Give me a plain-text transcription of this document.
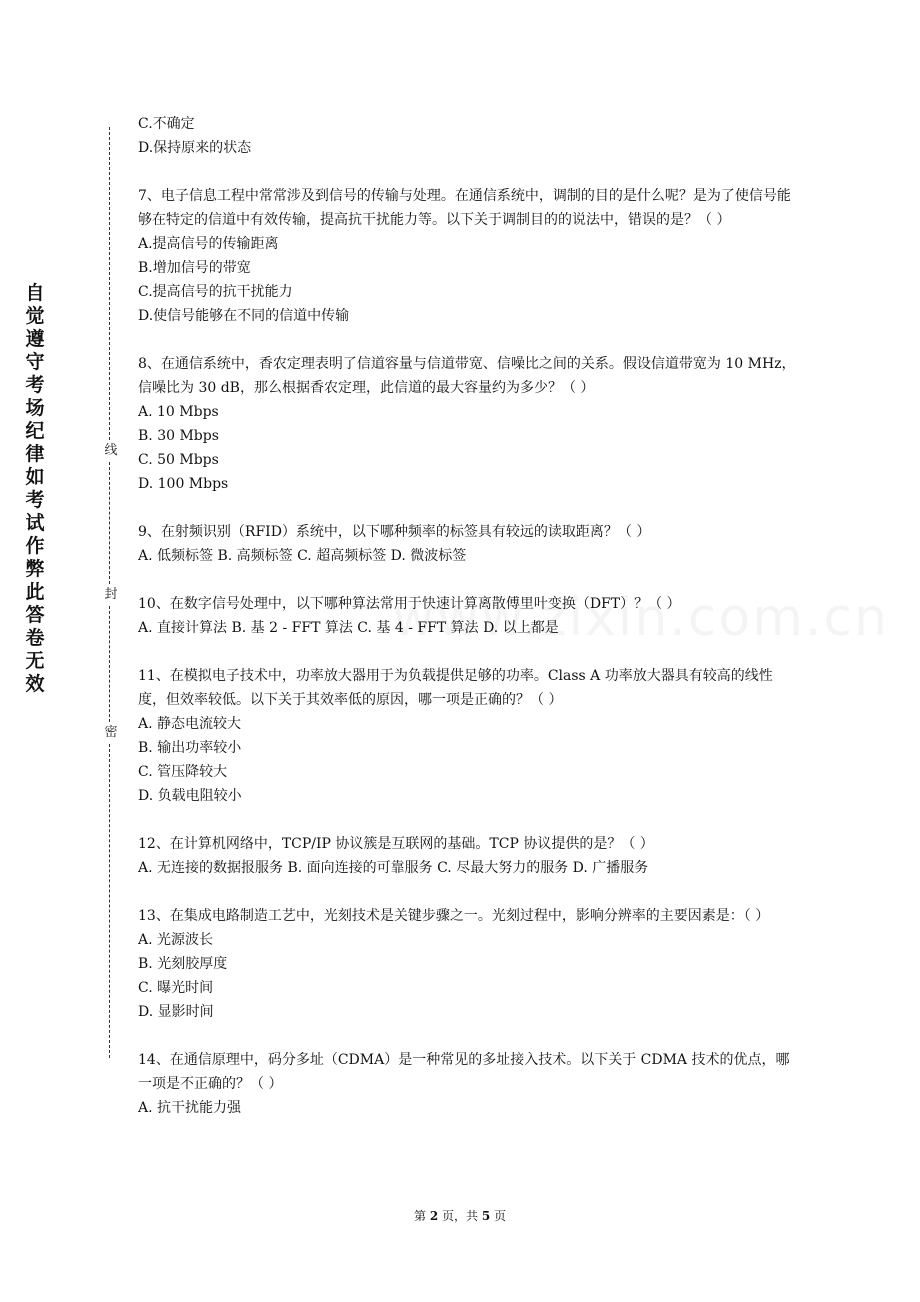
自觉遵守考场纪律如考试作弊此答卷无效
线
封
密

C.不确定

D.保持原来的状态

7、电子信息工程中常常涉及到信号的传输与处理。在通信系统中，调制的目的是什么呢？是为了使信号能够在特定的信道中有效传输，提高抗干扰能力等。以下关于调制目的的说法中，错误的是？（ ）

A.提高信号的传输距离

B.增加信号的带宽

C.提高信号的抗干扰能力

D.使信号能够在不同的信道中传输

8、在通信系统中，香农定理表明了信道容量与信道带宽、信噪比之间的关系。假设信道带宽为 10 MHz，信噪比为 30 dB，那么根据香农定理，此信道的最大容量约为多少？（ ）

A. 10 Mbps

B. 30 Mbps

C. 50 Mbps

D. 100 Mbps

9、在射频识别（RFID）系统中，以下哪种频率的标签具有较远的读取距离？（ ）

A. 低频标签 B. 高频标签 C. 超高频标签 D. 微波标签

10、在数字信号处理中，以下哪种算法常用于快速计算离散傅里叶变换（DFT）？（ ）

A. 直接计算法 B. 基 2 - FFT 算法 C. 基 4 - FFT 算法 D. 以上都是

11、在模拟电子技术中，功率放大器用于为负载提供足够的功率。Class A 功率放大器具有较高的线性度，但效率较低。以下关于其效率低的原因，哪一项是正确的？（ ）

A. 静态电流较大

B. 输出功率较小

C. 管压降较大

D. 负载电阻较小

12、在计算机网络中，TCP/IP 协议簇是互联网的基础。TCP 协议提供的是？（ ）

A. 无连接的数据报服务 B. 面向连接的可靠服务 C. 尽最大努力的服务 D. 广播服务

13、在集成电路制造工艺中，光刻技术是关键步骤之一。光刻过程中，影响分辨率的主要因素是：（ ）

A. 光源波长

B. 光刻胶厚度

C. 曝光时间

D. 显影时间

14、在通信原理中，码分多址（CDMA）是一种常见的多址接入技术。以下关于 CDMA 技术的优点，哪一项是不正确的？（ ）

A. 抗干扰能力强

第 2 页，共 5 页
